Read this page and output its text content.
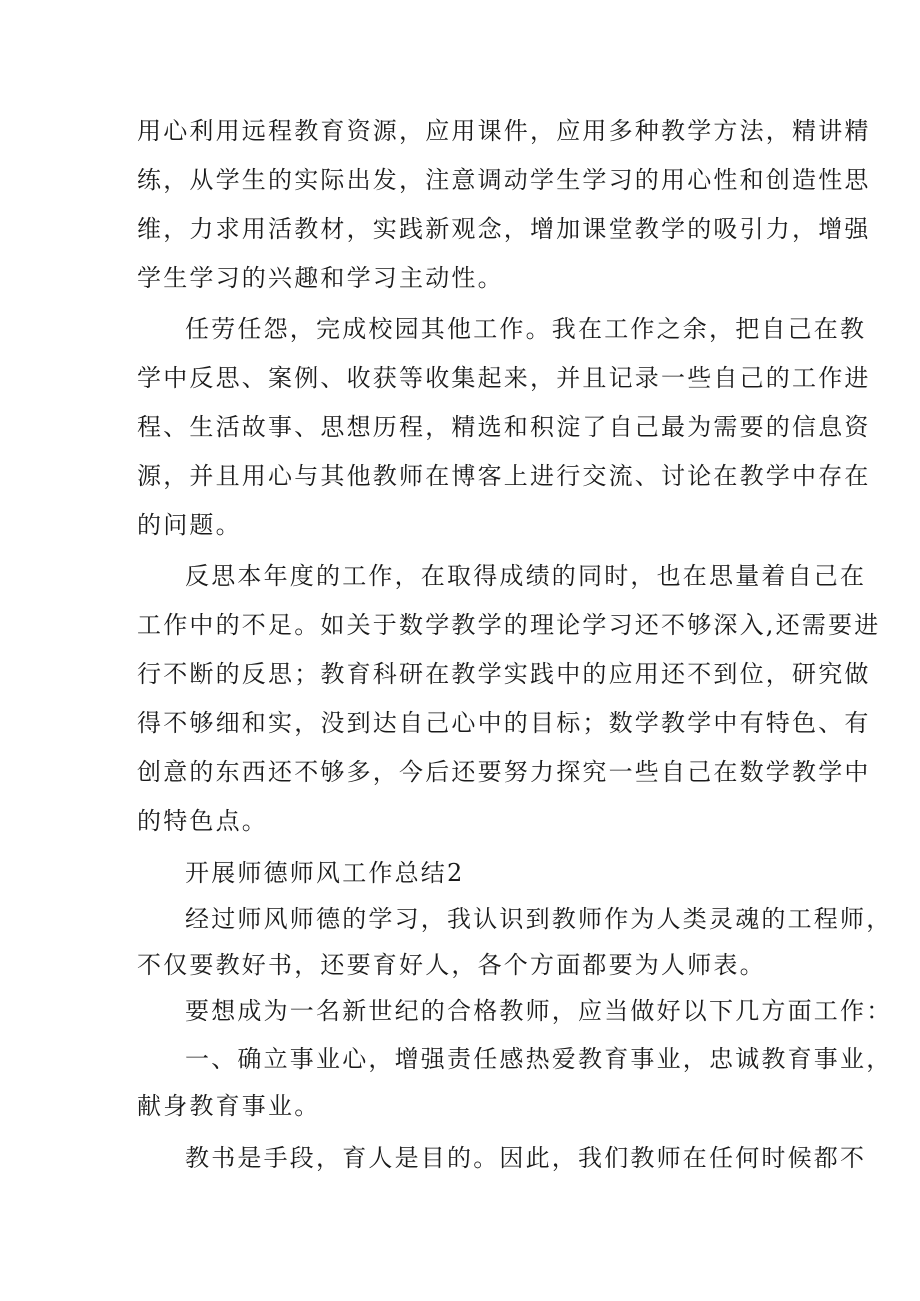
用心利用远程教育资源，应用课件，应用多种教学方法，精讲精
练，从学生的实际出发，注意调动学生学习的用心性和创造性思
维，力求用活教材，实践新观念，增加课堂教学的吸引力，增强
学生学习的兴趣和学习主动性。
任劳任怨，完成校园其他工作。我在工作之余，把自己在教
学中反思、案例、收获等收集起来，并且记录一些自己的工作进
程、生活故事、思想历程，精选和积淀了自己最为需要的信息资
源，并且用心与其他教师在博客上进行交流、讨论在教学中存在
的问题。
反思本年度的工作，在取得成绩的同时，也在思量着自己在
工作中的不足。如关于数学教学的理论学习还不够深入,还需要进
行不断的反思；教育科研在教学实践中的应用还不到位，研究做
得不够细和实，没到达自己心中的目标；数学教学中有特色、有
创意的东西还不够多，今后还要努力探究一些自己在数学教学中
的特色点。
开展师德师风工作总结2
经过师风师德的学习，我认识到教师作为人类灵魂的工程师，
不仅要教好书，还要育好人，各个方面都要为人师表。
要想成为一名新世纪的合格教师，应当做好以下几方面工作：
一、确立事业心，增强责任感热爱教育事业，忠诚教育事业，
献身教育事业。
教书是手段，育人是目的。因此，我们教师在任何时候都不
